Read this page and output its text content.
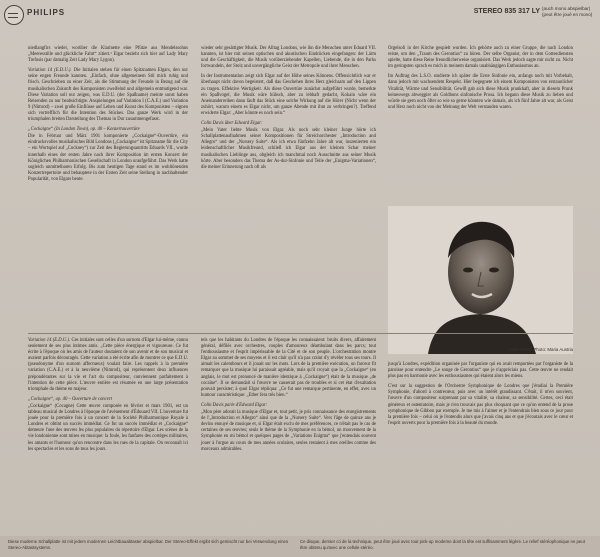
PHILIPS	STEREO 835 317 LY (auch mono abspielbar)
(peut être joué en mono)

niedlangfirs wieder, worüber die Klarinette eine Pfütze aus Mendelssohns „Meeresstille und glückliche Fahrt“ zitiert.¹ Elgar bezieht sich hier auf Lady Mary Trefusis (par damalig Zeit Lady Mary Lygon).

Variation 14 (E.D.U.). Die Initialen stehen für einen Spitznamen Elgars, den nur seine engen Freunde kannten. „Einfach, ohne allgemeinem Stil mich ruhig und frisch. Geschrieben zu einer Zeit, als die Stimmung der Freunde in Bezug auf die musikalischen Zukunft des Komponisten zweifelnd und allgemein entmutigend war. Diese Variation soll nur zeigen, was E.D.U. (der Spaßname) meinte sonst haben Reisenden zu nur beabsichtigte. Anspielungen auf Variation I (C.A.E.) und Variation 9 (Nimrod) – zwei große Einflüsse auf Leben und Kunst des Komponisten – eignen sich vortrefflich für die Intention des Stückes. Das ganze Werk wird in der triumphalen breiten Darstellung des Themas in Dur zusammengefasst.

„Cockaigne“ (In London Town), op. 40 – Konzertouvertüre

Die in Februar und März 1901 komponierte „Cockaigne“-Ouvertüre, ein eindrucksvolles musikalisches Bild Londons („Cockaigne“ ist Spitzname für die City – ein Wortspiel auf „Cockney“) zur Zeit des Regierungsantritts Eduards VII., wurde innerhalb eines der ersten Jahre nach ihrer Komposition im ersten Konzert der Königlichen Philharmonischen Gesellschaft in London uraufgeführt. Das Werk hatte sogleich unmittelbaren Erfolg. Bis zum heutigen Tage stand es im wohltönenden Konzertrepertoire und behauptete in der Ersten Zeit seine Stellung in nachhaltender Popularität, von Elgars heute.

wieder sehr gesättigter Musik. Der Alltag Londons, wie ihn die Menschen unter Eduard VII. kannten, ist hier mit seinen optischen und akustischen Eindrücken eingefangen: der Lärm und die Geschäftigkeit, die Musik vorüberziehender Kapellen, Liebende, die in den Parks fortwandeln, der Stolz und unvergängliche Geist der Metropole und ihrer Menschen.

In der Instrumentation zeigt sich Elgar auf der Höhe seines Könnens. Offensichtlich war er überhaupt nicht davon begeistert, daß das Geschehen ihres Herz gleichsam auf den Lippen zu tragen. Effektive Wertigkeit. Als diese Ouvertüre zunächst aufgeführt wurde, bemerkte ein Spaßvogel, die Musik wäre hübsch, aber zu lebhaft gedacht, Kokain wäre ein Aneinanderreihen dann läuft das Stück eine solche Wirkung auf die Hörer (Nicht wenn der zuhört, warum einem es Elgar nicht, um ganze Abende mit ihm zu verbringen?). Treffend erwiderte Elgar: „Aber könnte es noch sein.“

Colin Davis über Edward Elgar:

„Mein Vater liebte Musik von Elgar. Als noch sehr kleiner Junge hörte ich Schallplattenaufnahmen seiner Kompositionen für Streichorchester „Introduction and Allegro“ und der „Nursery Suite“. Als ich etwa fünfzehn Jahre alt war, inszenierten ein leidenschaftlicher Musikfreund, schließ ich Elgar aus der kleinen Schar meiner musikalischen Lieblinge aus, obgleich ich manchmal noch Ausschnitte aus seiner Musik hörte. Aber besonders das Thema der As-dur-Sinfonie und Teile der „Enigma-Variationen“, die meiner Erinnerung nach oft als

Orgelsoli in der Kirche gespielt wurden. Ich gehörte auch zu einer Gruppe, die nach London reiste, um den „Traum des Gerontius“ zu hören. Der selbe Organist, der in dem Gottesdiensten spielte, hatte diese Reise freundlicherweise organisiert. Das Werk jedoch sagte mir nicht zu. Nicht im geringsten sprach es mich in meinem damals unabhängigen Enthusiasmus an.

Im Auftrag des L.S.O. studierte ich später die Erste Sinfonie ein, anfangs noch mit Vorbehalt, dann jedoch mit wachsendem Respekt. Hier begegnete ich einem Komponisten von erstaunlicher Vitalität, Wärme und Sensibilität. Gewiß gab sich diese Musik prunkhaft, aber in diesem Prunk keineswegs abweggier als Goldbons sinfonische Prosa. Ich begann diese Musik zu lieben und würde sie gern noch öfter so wie so gerne könnten wie damals, als ich fünf Jahre alt war, als Geist und Herz noch nicht von der Meinung der Welt verstanden waren.

Colin Davis. Photo: Maria Austria

Variation 14 (E.D.U.). Ces initiales sont celles d'un surnom d'Elgar lui-même, connu seulement de ses plus intimes amis. „Cette pièce énergique et vigoureuse. Ce fut écrite à l'époque où les amis de l'auteur doutaient de son avenir et de son musical et avaient parfois découragés. Cette variation a été écrite afin de montrer ce que E.D.U. (pseudonyme d'un surnom affectueux) voulait faire. Les rappels à la première variation (C.A.E.) et à la neuvième (Nimrod), qui représentent deux influences prépondérantes sur la vie et l'art du compositeur, conviennent parfaitement à l'intention de cette pièce. L'œuvre entière est résumée en une large présentation triomphale du thème en majeur.

„Cockaigne“, op. 40 – Ouverture de concert

„Cockaigne“ (Cocagne) Cette œuvre composée en février et mars 1901, est un tableau musical de Londres à l'époque de l'avènement d'Édouard VII. L'ouverture fut jouée pour la première fois à un concert de la Société Philharmonique Royale à Londres et obtint un succès immédiat. Ce fut un succès immédiat et „Cockaigne“ demeure l'une des œuvres les plus populaires du répertoire d'Elgar. Les scènes de la vie londonienne sont mises en musique: la foule, les fanfares des cortèges militaires, les amants et l'humour qu'on rencontre dans les rues de la capitale. On reconnaît ici les spectacles et les sons de tous les jours.

tels que les habitants du Londres de l'époque les connaissaient: bruits divers, affairement général, défilés avec orchestres, couples d'amoureux déambulant dans les parcs; tout l'enthousiasme et l'esprit impérissable de la Cité et de son peuple. L'orchestration montre Elgar au sommet de ses moyens et il est clair qu'il n'a pas craint d'y révéler tous ses tours. Il aimait les calembours et il jouait sur les mots. Lors de la première exécution, un farceur fit remarquer que la musique lui paraissait agréable, mais qu'il croyait que la „Cockaigne“ (en anglais, le mot est prononcé de manière identique à „Cockaigne“) était de la musique „de cocaïne“. Il se demandait si l'œuvre ne causerait pas de troubles et si cet état d'exaltation pouvait persister; à quoi Elgar répliqua: „Ce fut une remarque pertinente, en effet, avec un humour caractéristique: „Ether fera très bien.“

Colin Davis parle d'Edward Elgar:

„Mon père adorait la musique d'Elgar et, tout petit, je pris connaissance des enregistrements de l'„Introduction et Allegro“ ainsi que de la „Nursery Suite“. Vers l'âge de quinze ans je devins ennuyé de musique et, si Elgar était exclu de mes préférences, ce n'était pas le cas de certaines de ses œuvres; seuls le thème de la Symphonie en la bémol, un mouvement de la Symphonie en mi bémol et quelques pages de „Variations Enigma“ que j'entendais souvent jouer à l'orgue au cours de mes années scolaires, seules restaient à mes oreilles comme des morceaux admirables.

jusqu'à Londres, expédition organisée par l'organiste qui en avait remportées par l'organiste de la paroisse pour entendre „Le songe de Gerontius“ que je n'appréciais pas. Cette œuvre ne rendait plus pas en harmonie avec les enthousiasmes qui étaient alors les miens.

C'est sur la suggestion de l'Orchestre Symphonique de Londres que j'étudiai la Première Symphonie, d'abord à contrecœur, puis avec un intérêt grandissant. C'était, il m'en souvient, l'œuvre d'un compositeur surprenant par sa vitalité, sa chaleur, sa sensibilité. Certes, ceci était généreux et ostentatoire, mais je n'en trouvais pas plus choquant que ce qu'on entend de la prose symphonique de Gibbon par exemple. Je me mis à l'aimer et je l'entendrais bien sous ce jour pour la première fois – celui où je l'entendis alors que j'avais cinq ans et que j'écoutais avec le cœur et l'esprit ouverts pour la première fois à la beauté du monde.

Diese moderne Schallplatte ist mit jedem modernen Leichtbauabtaster abspielbar. Der Stereo-Effekt ergibt sich gemischt nur bei Verwendung eines Stereo-Abtastsystems.
Ce disque, dernier cri de la technique, peut être joué avec tout pick-up moderne dont la tête est suffisamment légère. Le relief stéréophonique ne peut être obtenu qu'avec une cellule stéréo.
